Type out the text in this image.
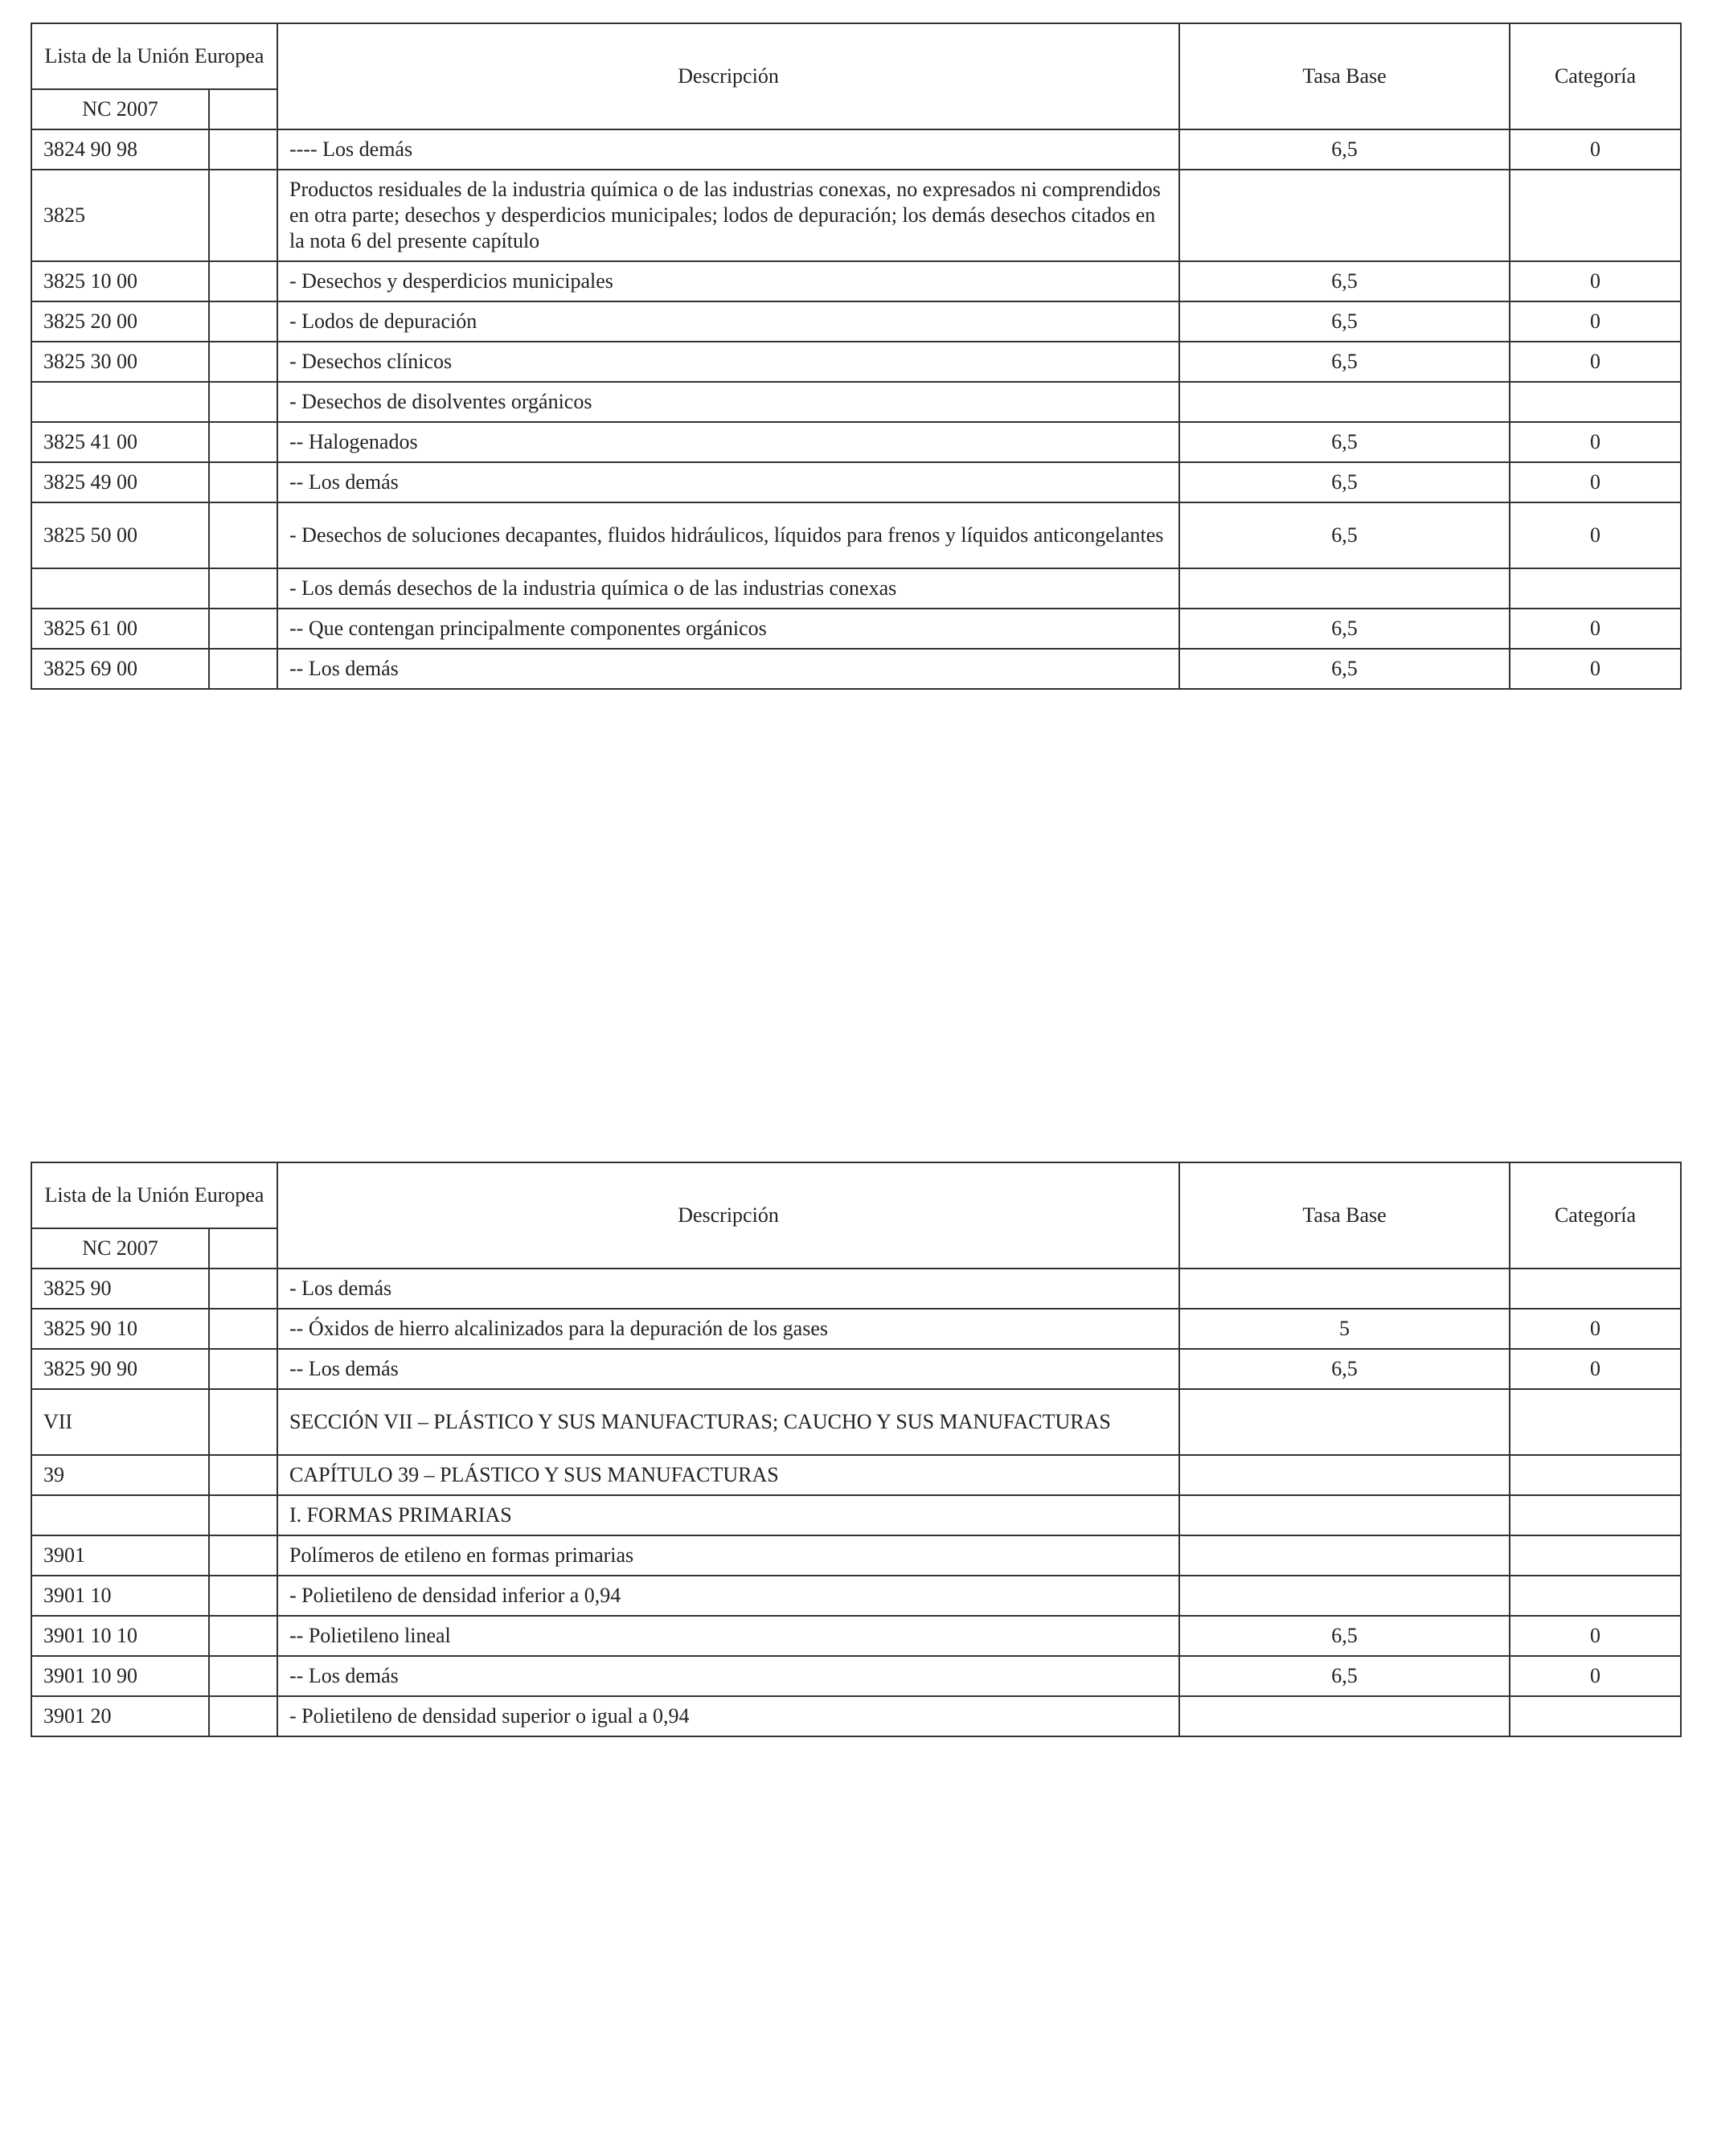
Lista de la Unión Europea		Descripción	Tasa Base	Categoría
NC 2007				
3824 90 98		---- Los demás	6,5	0
3825		Productos residuales de la industria química o de las industrias conexas, no expresados ni comprendidos en otra parte; desechos y desperdicios municipales; lodos de depuración; los demás desechos citados en la nota 6 del presente capítulo		
3825 10 00		- Desechos y desperdicios municipales	6,5	0
3825 20 00		- Lodos de depuración	6,5	0
3825 30 00		- Desechos clínicos	6,5	0
		- Desechos de disolventes orgánicos		
3825 41 00		-- Halogenados	6,5	0
3825 49 00		-- Los demás	6,5	0
3825 50 00		- Desechos de soluciones decapantes, fluidos hidráulicos, líquidos para frenos y líquidos anticongelantes	6,5	0
		- Los demás desechos de la industria química o de las industrias conexas		
3825 61 00		-- Que contengan principalmente componentes orgánicos	6,5	0
3825 69 00		-- Los demás	6,5	0
Lista de la Unión Europea		Descripción	Tasa Base	Categoría
NC 2007				
3825 90		- Los demás		
3825 90 10		-- Óxidos de hierro alcalinizados para la depuración de los gases	5	0
3825 90 90		-- Los demás	6,5	0
VII		SECCIÓN VII – PLÁSTICO Y SUS MANUFACTURAS; CAUCHO Y SUS MANUFACTURAS		
39		CAPÍTULO 39 – PLÁSTICO Y SUS MANUFACTURAS		
		I. FORMAS PRIMARIAS		
3901		Polímeros de etileno en formas primarias		
3901 10		- Polietileno de densidad inferior a 0,94		
3901 10 10		-- Polietileno lineal	6,5	0
3901 10 90		-- Los demás	6,5	0
3901 20		- Polietileno de densidad superior o igual a 0,94		
